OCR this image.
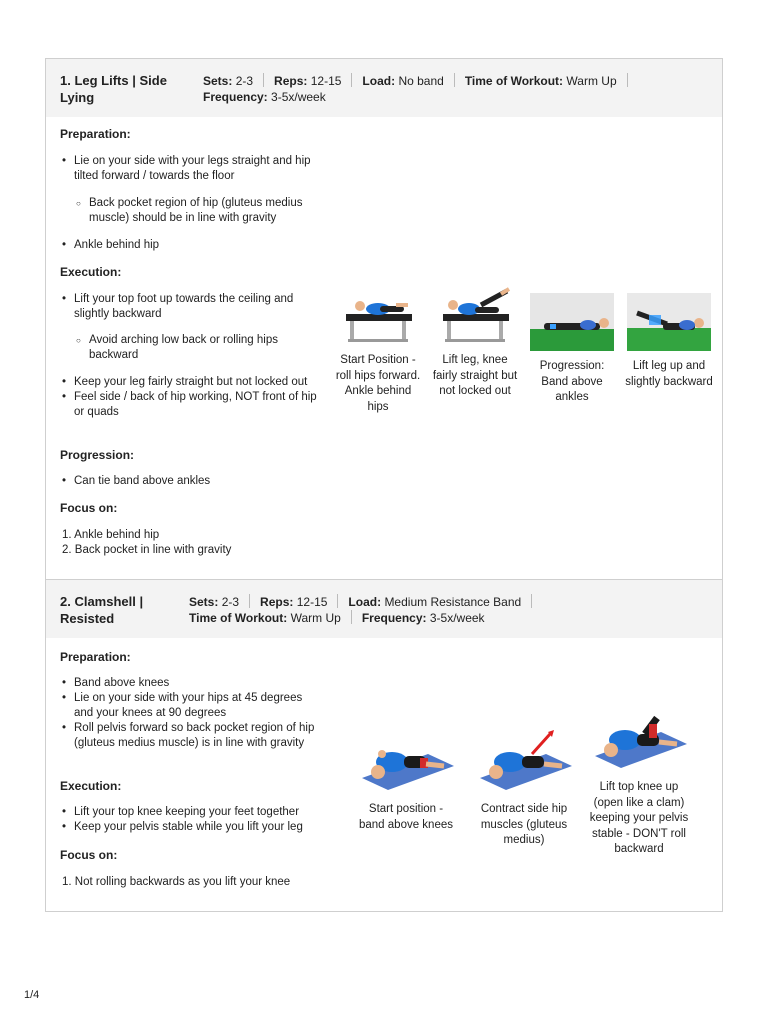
1. Leg Lifts | Side
Lying
Sets: 2-3 Reps: 12-15 Load: No band Time of Workout: Warm Up
Frequency: 3-5x/week
Preparation:
• Lie on your side with your legs straight and hip tilted forward / towards the floor
○ Back pocket region of hip (gluteus medius muscle) should be in line with gravity
• Ankle behind hip
Execution:
• Lift your top foot up towards the ceiling and slightly backward
○ Avoid arching low back or rolling hips backward
• Keep your leg fairly straight but not locked out
• Feel side / back of hip working, NOT front of hip or quads
Progression:
• Can tie band above ankles
Focus on:
1. Ankle behind hip
2. Back pocket in line with gravity
Start Position - roll hips forward. Ankle behind hips
Lift leg, knee fairly straight but not locked out
Progression: Band above ankles
Lift leg up and slightly backward
2. Clamshell |
Resisted
Sets: 2-3 Reps: 12-15 Load: Medium Resistance Band
Time of Workout: Warm Up Frequency: 3-5x/week
Preparation:
• Band above knees
• Lie on your side with your hips at 45 degrees and your knees at 90 degrees
• Roll pelvis forward so back pocket region of hip (gluteus medius muscle) is in line with gravity
Execution:
• Lift your top knee keeping your feet together
• Keep your pelvis stable while you lift your leg
Focus on:
1. Not rolling backwards as you lift your knee
Start position - band above knees
Contract side hip muscles (gluteus medius)
Lift top knee up (open like a clam) keeping your pelvis stable - DON'T roll backward
1/4
